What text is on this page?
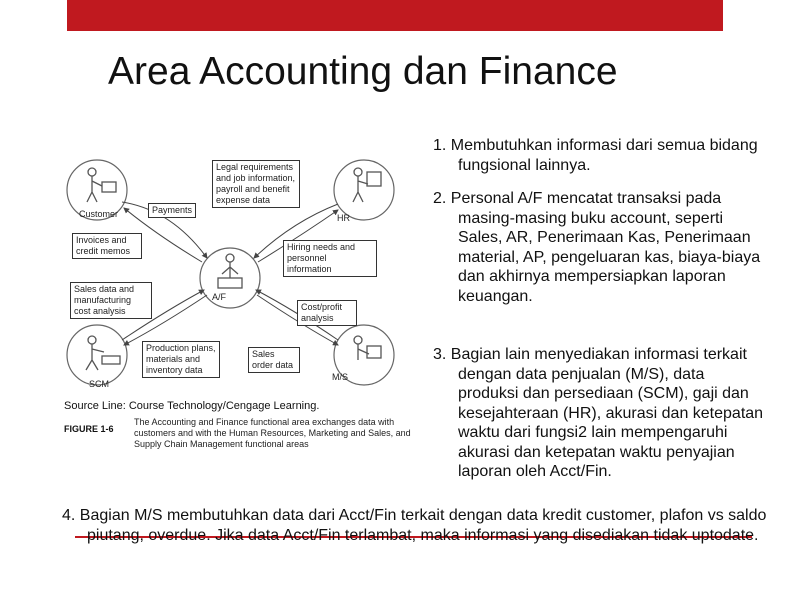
Area Accounting dan Finance
Customer	HR
A/F
SCM
M/S
Payments
Legal requirements and job information, payroll and benefit expense data
Invoices and credit memos	Hiring needs and personnel information
Sales data and manufacturing cost analysis	Cost/profit analysis
Production plans, materials and inventory data
Sales order data
Source Line: Course Technology/Cengage Learning.
FIGURE 1-6
The Accounting and Finance functional area exchanges data with customers and with the Human Resources, Marketing and Sales, and Supply Chain Management functional areas

1. Membutuhkan informasi dari semua bidang fungsional lainnya.

2. Personal A/F mencatat transaksi pada masing-masing buku account, seperti Sales, AR, Penerimaan Kas, Penerimaan material, AP, pengeluaran kas, biaya-biaya dan akhirnya mempersiapkan laporan keuangan.

3. Bagian lain menyediakan informasi terkait dengan data penjualan (M/S), data produksi dan persediaan (SCM), gaji dan kesejahteraan (HR), akurasi dan ketepatan waktu dari fungsi2 lain mempengaruhi akurasi dan ketepatan waktu penyajian laporan oleh Acct/Fin.

4. Bagian M/S membutuhkan data dari Acct/Fin terkait dengan data kredit customer, plafon vs saldo piutang, overdue. Jika data Acct/Fin terlambat, maka informasi yang disediakan tidak uptodate.
